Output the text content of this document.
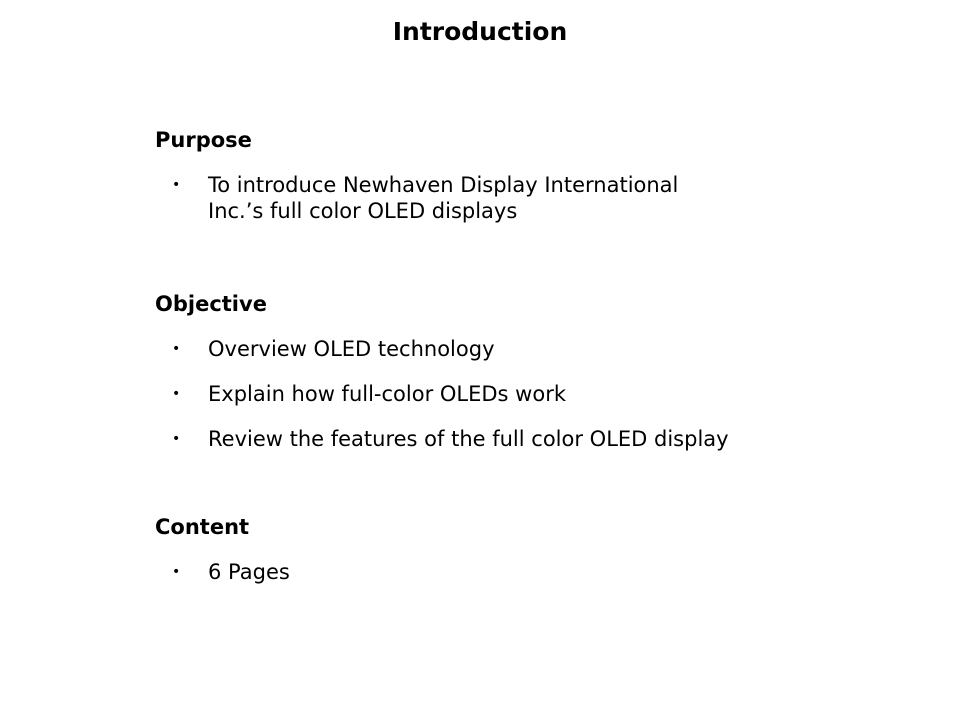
Introduction
Purpose
• To introduce Newhaven Display International
Inc.’s full color OLED displays
Objective
• Overview OLED technology
• Explain how full-color OLEDs work
• Review the features of the full color OLED display
Content
• 6 Pages
